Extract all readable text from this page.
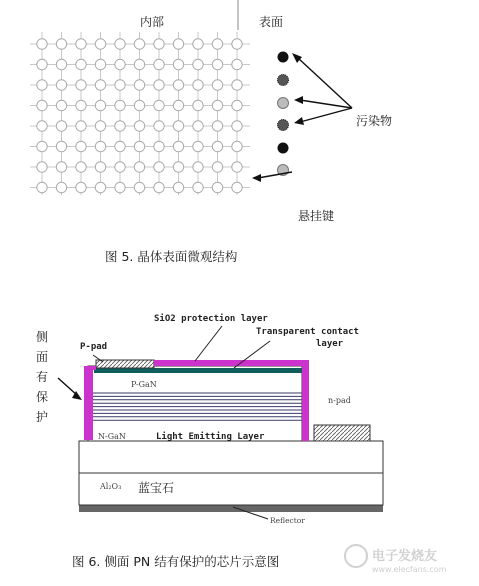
内部	表面
污染物
悬挂键
图 5. 晶体表面微观结构
侧
面
有
保
护
P-pad
SiO2 protection layer
Transparent contact
layer
P-GaN
n-pad
N-GaN	Light Emitting Layer
Al₂O₃ 蓝宝石
Reflector
图 6. 侧面 PN 结有保护的芯片示意图	电子发烧友
www.elecfans.com
